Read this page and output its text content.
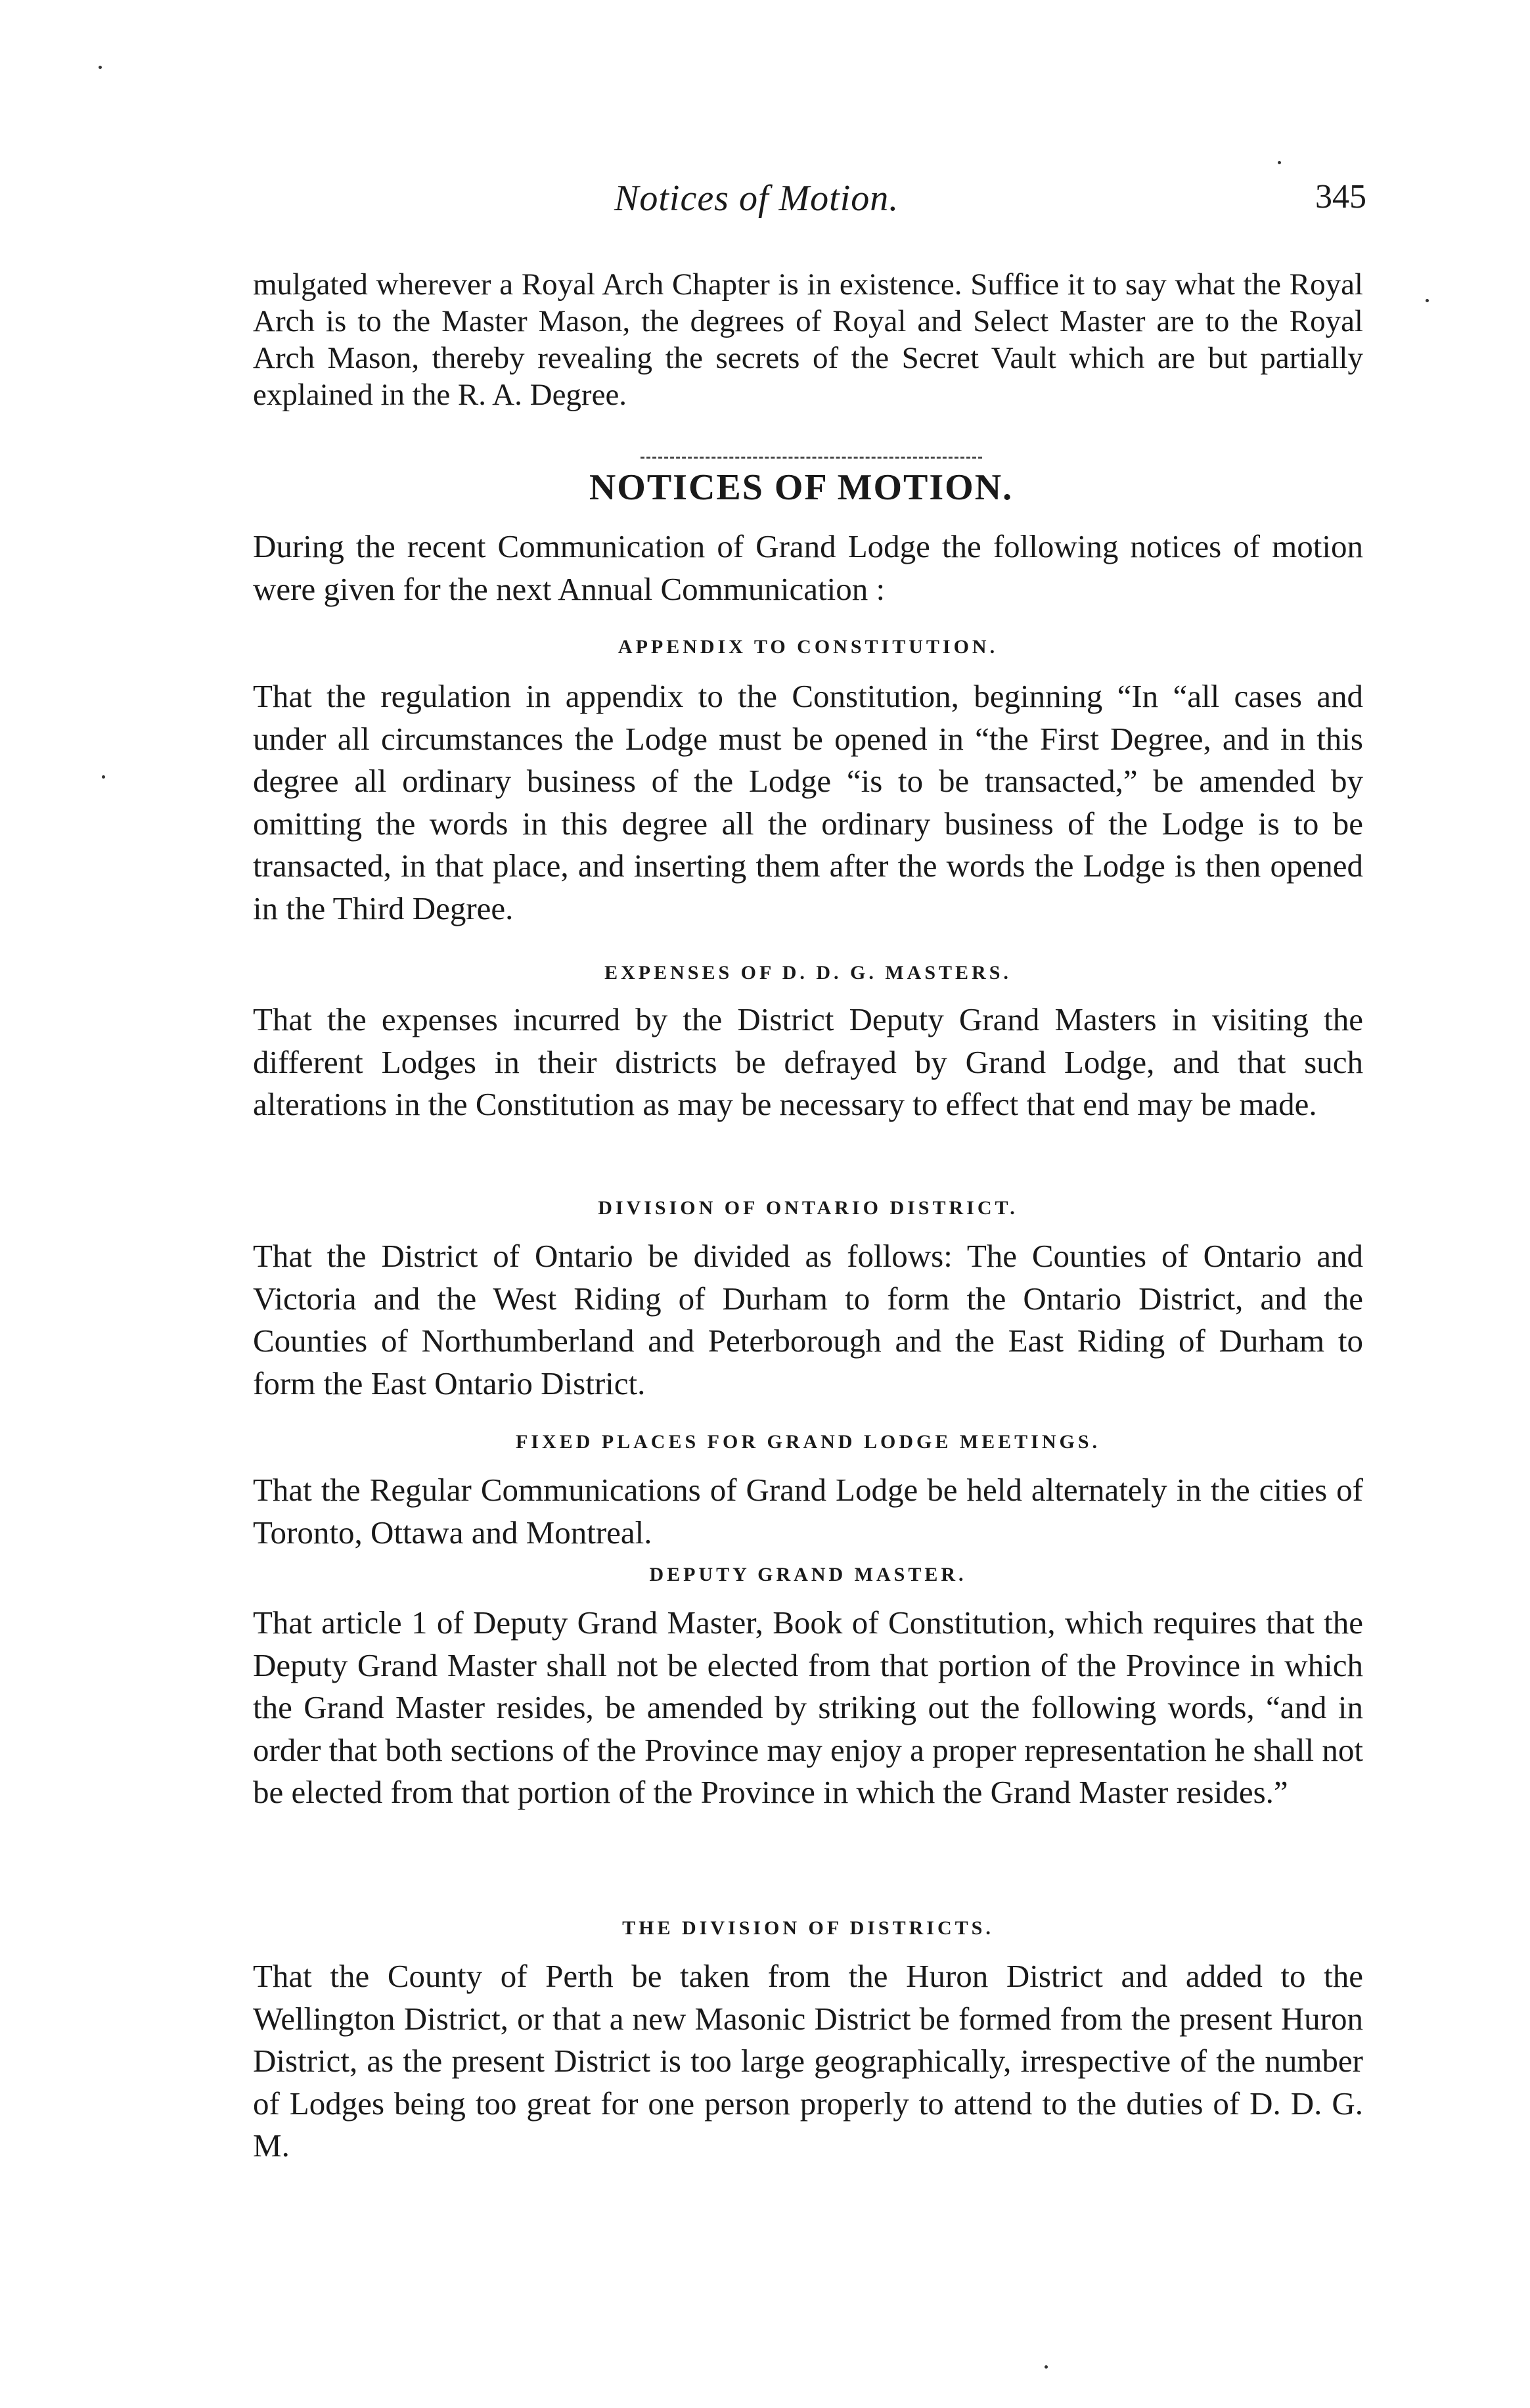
Notices of Motion.	345

mulgated wherever a Royal Arch Chapter is in existence. Suffice it to say what the Royal Arch is to the Master Mason, the degrees of Royal and Select Master are to the Royal Arch Mason, thereby revealing the secrets of the Secret Vault which are but partially explained in the R. A. Degree.

NOTICES OF MOTION.

During the recent Communication of Grand Lodge the following notices of motion were given for the next Annual Communication :

APPENDIX TO CONSTITUTION.

That the regulation in appendix to the Constitution, beginning “In “all cases and under all circumstances the Lodge must be opened in “the First Degree, and in this degree all ordinary business of the Lodge “is to be transacted,” be amended by omitting the words in this degree all the ordinary business of the Lodge is to be transacted, in that place, and inserting them after the words the Lodge is then opened in the Third Degree.

EXPENSES OF D. D. G. MASTERS.

That the expenses incurred by the District Deputy Grand Masters in visiting the different Lodges in their districts be defrayed by Grand Lodge, and that such alterations in the Constitution as may be necessary to effect that end may be made.

DIVISION OF ONTARIO DISTRICT.

That the District of Ontario be divided as follows: The Counties of Ontario and Victoria and the West Riding of Durham to form the Ontario District, and the Counties of Northumberland and Peterborough and the East Riding of Durham to form the East Ontario District.

FIXED PLACES FOR GRAND LODGE MEETINGS.

That the Regular Communications of Grand Lodge be held alternately in the cities of Toronto, Ottawa and Montreal.

DEPUTY GRAND MASTER.

That article 1 of Deputy Grand Master, Book of Constitution, which requires that the Deputy Grand Master shall not be elected from that portion of the Province in which the Grand Master resides, be amended by striking out the following words, “and in order that both sections of the Province may enjoy a proper representation he shall not be elected from that portion of the Province in which the Grand Master resides.”

THE DIVISION OF DISTRICTS.

That the County of Perth be taken from the Huron District and added to the Wellington District, or that a new Masonic District be formed from the present Huron District, as the present District is too large geographically, irrespective of the number of Lodges being too great for one person properly to attend to the duties of D. D. G. M.
